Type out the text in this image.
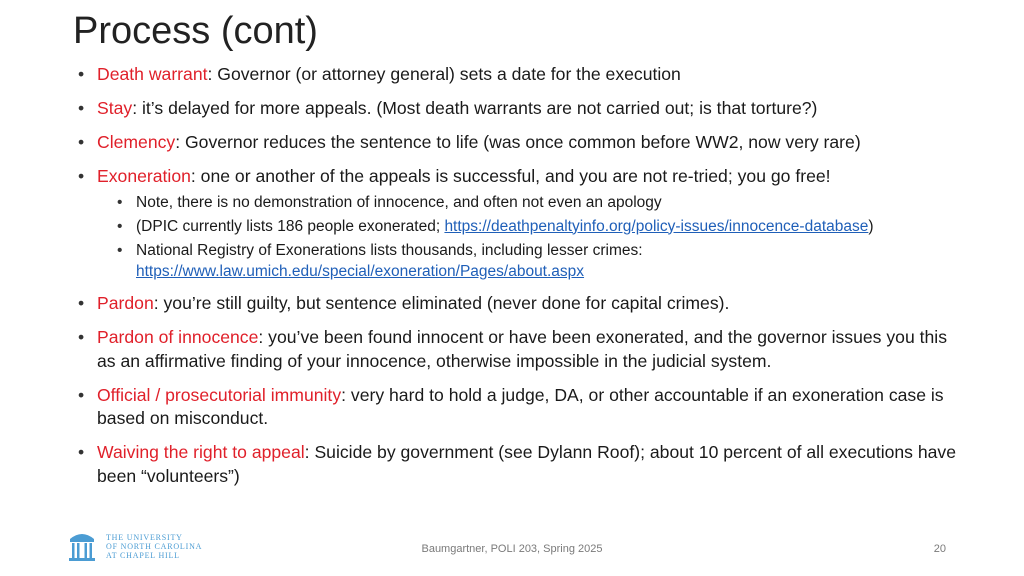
Process (cont)
• Death warrant: Governor (or attorney general) sets a date for the execution
• Stay: it’s delayed for more appeals. (Most death warrants are not carried out; is that torture?)
• Clemency: Governor reduces the sentence to life (was once common before WW2, now very rare)
• Exoneration: one or another of the appeals is successful, and you are not re-tried; you go free!
• Note, there is no demonstration of innocence, and often not even an apology
• (DPIC currently lists 186 people exonerated; https://deathpenaltyinfo.org/policy-issues/innocence-database)
• National Registry of Exonerations lists thousands, including lesser crimes: https://www.law.umich.edu/special/exoneration/Pages/about.aspx
• Pardon: you’re still guilty, but sentence eliminated (never done for capital crimes).
• Pardon of innocence: you’ve been found innocent or have been exonerated, and the governor issues you this as an affirmative finding of your innocence, otherwise impossible in the judicial system.
• Official / prosecutorial immunity: very hard to hold a judge, DA, or other accountable if an exoneration case is based on misconduct.
• Waiving the right to appeal: Suicide by government (see Dylann Roof); about 10 percent of all executions have been “volunteers”)
THE UNIVERSITY
OF NORTH CAROLINA
AT CHAPEL HILL	Baumgartner, POLI 203, Spring 2025	20
